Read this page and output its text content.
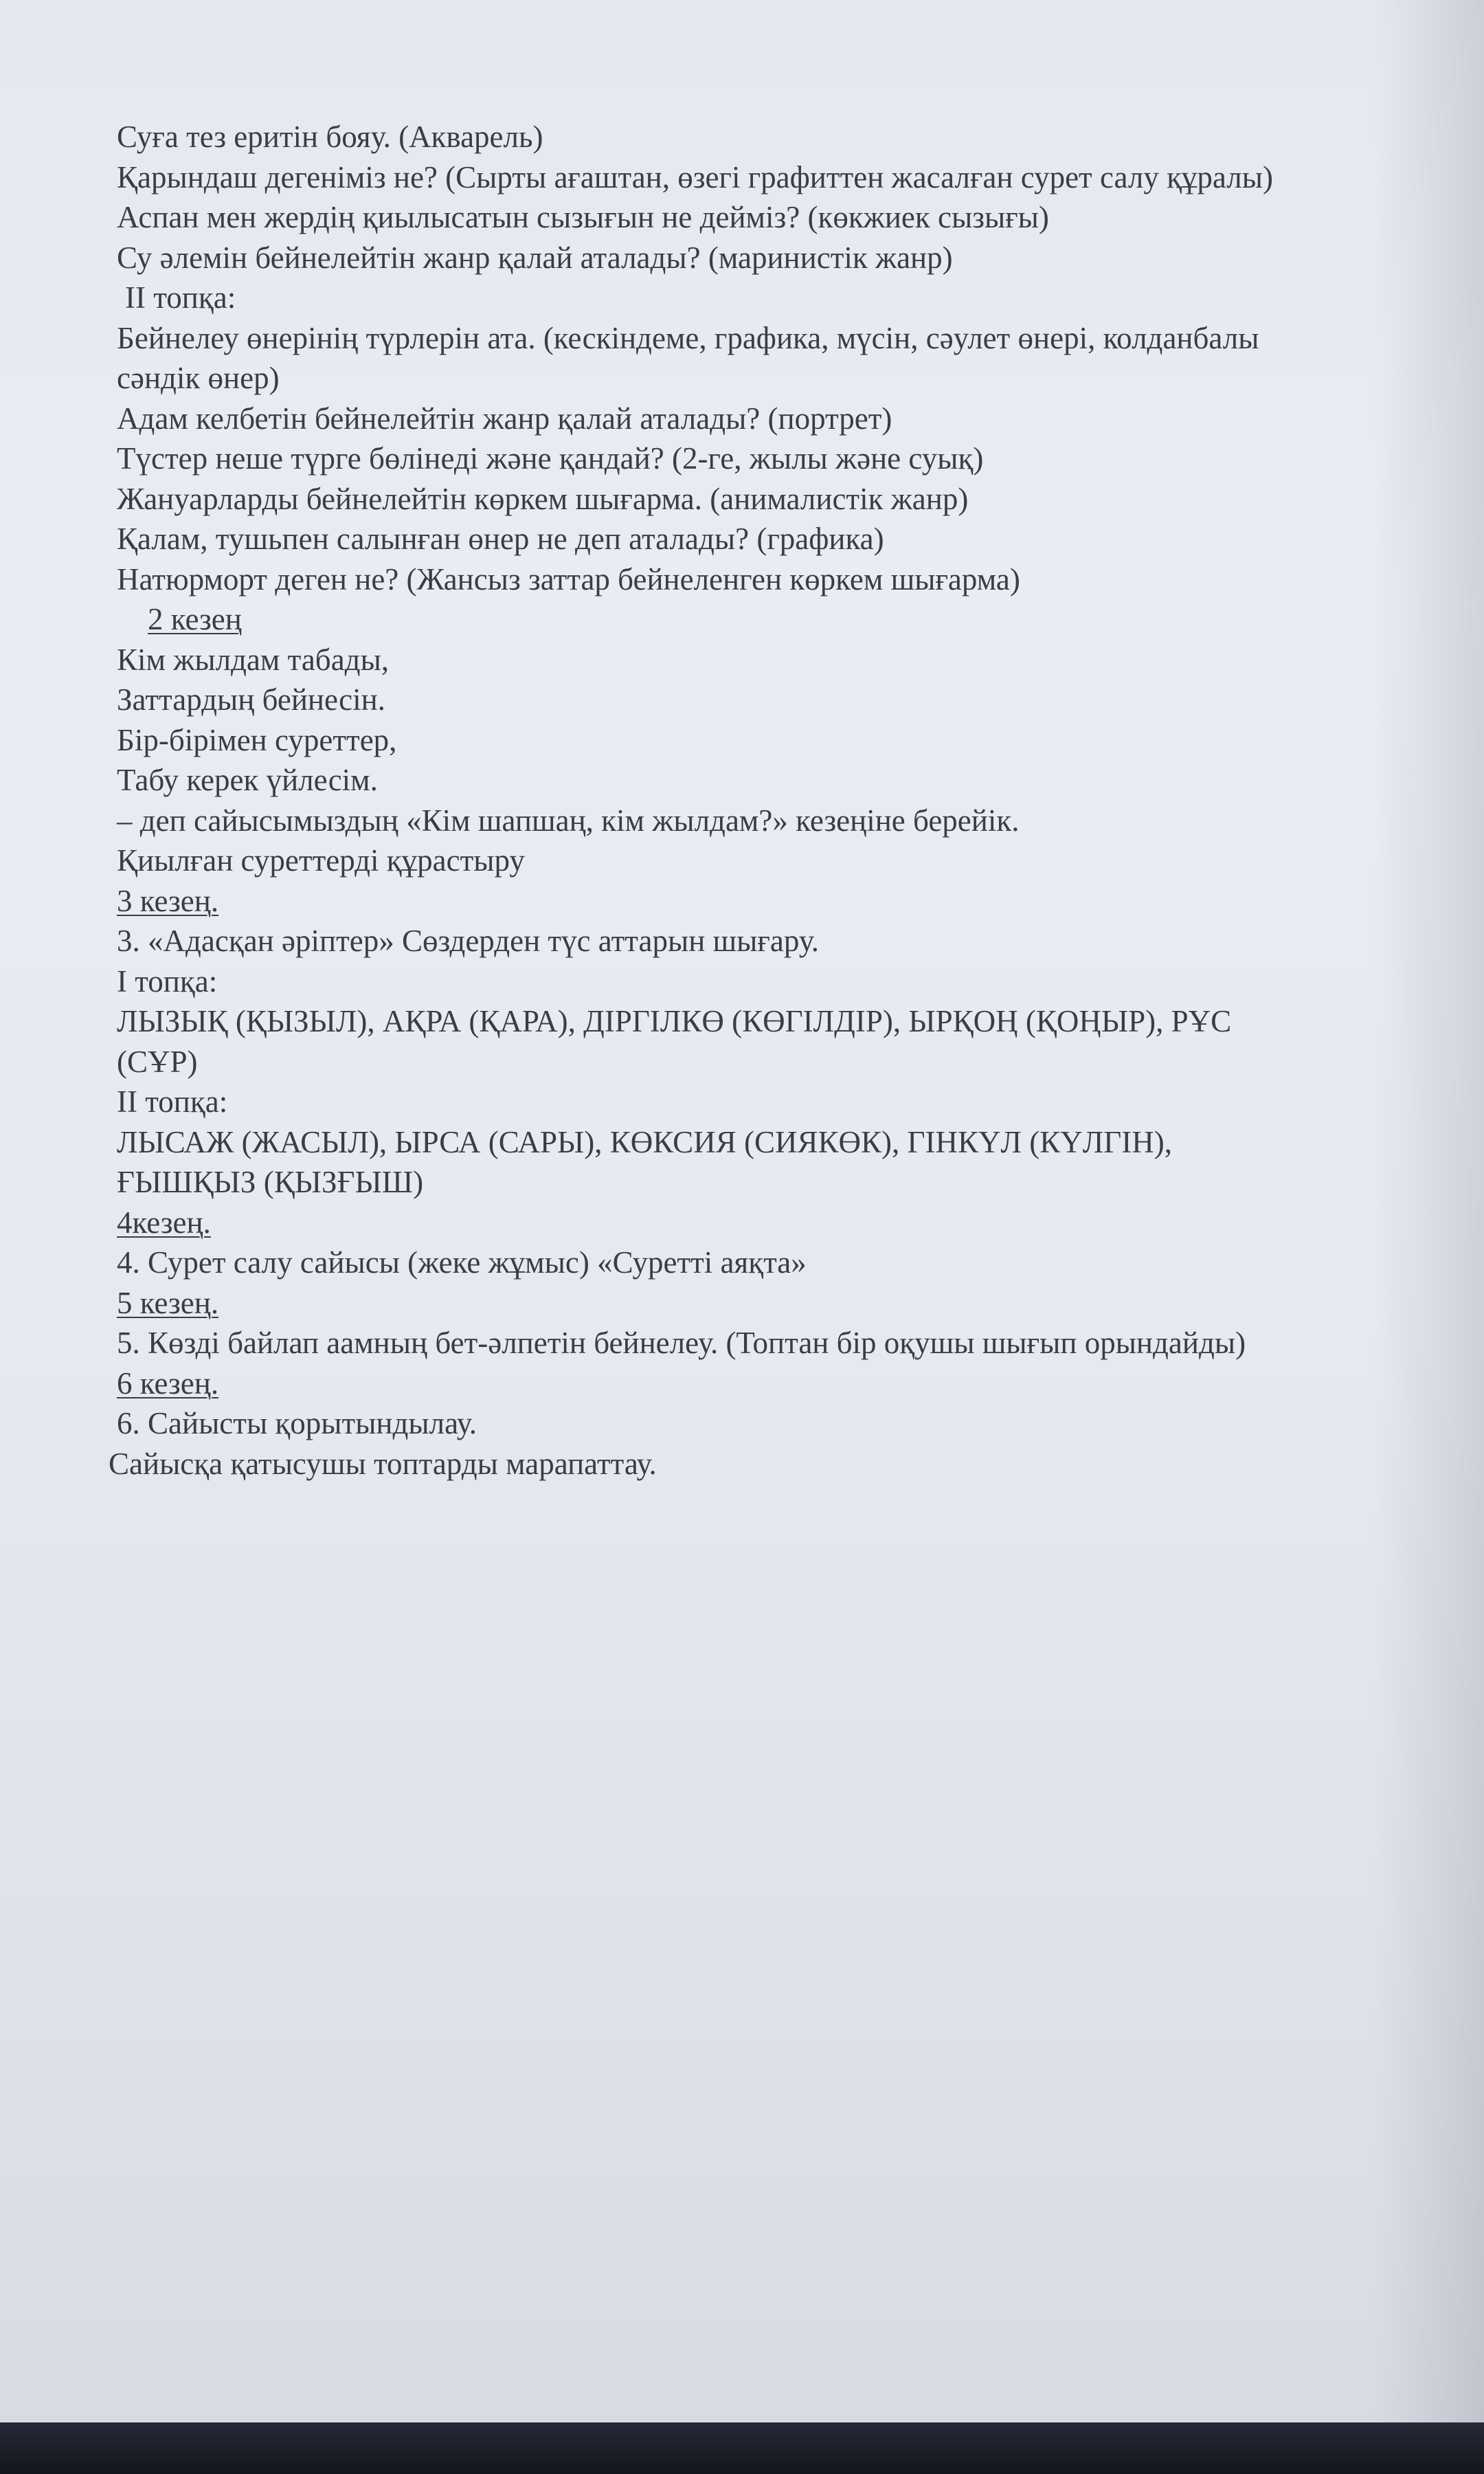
Суға тез еритін бояу. (Акварель)
Қарындаш дегеніміз не? (Сырты ағаштан, өзегі графиттен жасалған сурет салу құралы)
Аспан мен жердің қиылысатын сызығын не дейміз? (көкжиек сызығы)
Су әлемін бейнелейтін жанр қалай аталады? (маринистік жанр)
II топқа:
Бейнелеу өнерінің түрлерін ата. (кескіндеме, графика, мүсін, сәулет өнері, колданбалы
сәндік өнер)
Адам келбетін бейнелейтін жанр қалай аталады? (портрет)
Түстер неше түрге бөлінеді және қандай? (2-ге, жылы және суық)
Жануарларды бейнелейтін көркем шығарма. (анималистік жанр)
Қалам, тушьпен салынған өнер не деп аталады? (графика)
Натюрморт деген не? (Жансыз заттар бейнеленген көркем шығарма)
2 кезең
Кім жылдам табады,
Заттардың бейнесін.
Бір-бірімен суреттер,
Табу керек үйлесім.
– деп сайысымыздың «Кім шапшаң, кім жылдам?» кезеңіне берейік.
Қиылған суреттерді құрастыру
3 кезең.
3. «Адасқан әріптер» Сөздерден түс аттарын шығару.
I топқа:
ЛЫЗЫҚ (ҚЫЗЫЛ), АҚРА (ҚАРА), ДІРГІЛКӨ (КӨГІЛДІР), ЫРҚОҢ (ҚОҢЫР), РҰС
(СҰР)
II топқа:
ЛЫСАЖ (ЖАСЫЛ), ЫРСА (САРЫ), КӨКСИЯ (СИЯКӨК), ГІНКҮЛ (КҮЛГІН),
ҒЫШҚЫЗ (ҚЫЗҒЫШ)
4кезең.
4. Сурет салу сайысы (жеке жұмыс) «Суретті аяқта»
5 кезең.
5. Көзді байлап аамның бет-әлпетін бейнелеу. (Топтан бір оқушы шығып орындайды)
6 кезең.
6. Сайысты қорытындылау.
Сайысқа қатысушы топтарды марапаттау.
